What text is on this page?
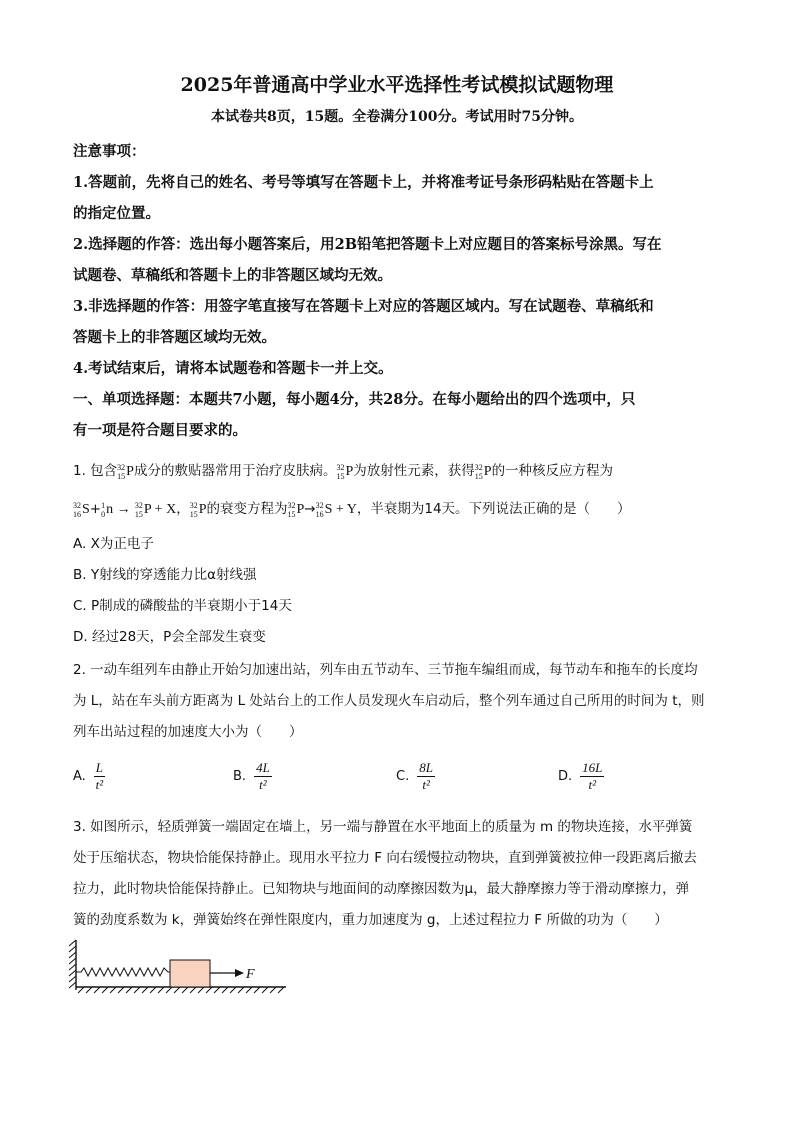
2025年普通高中学业水平选择性考试模拟试题物理
本试卷共8页，15题。全卷满分100分。考试用时75分钟。
注意事项：
1.答题前，先将自己的姓名、考号等填写在答题卡上，并将准考证号条形码粘贴在答题卡上
的指定位置。
2.选择题的作答：选出每小题答案后，用2B铅笔把答题卡上对应题目的答案标号涂黑。写在
试题卷、草稿纸和答题卡上的非答题区域均无效。
3.非选择题的作答：用签字笔直接写在答题卡上对应的答题区域内。写在试题卷、草稿纸和
答题卡上的非答题区域均无效。
4.考试结束后，请将本试题卷和答题卡一并上交。
一、单项选择题：本题共7小题，每小题4分，共28分。在每小题给出的四个选项中，只
有一项是符合题目要求的。
1. 包含32
15P成分的敷贴器常用于治疗皮肤病。32
15P为放射性元素，获得32
15P的一种核反应方程为
32
16S+1
0n → 32
15P + X，32
15P的衰变方程为32
15P→32
16S + Y，半衰期为14天。下列说法正确的是（　　）
A. X为正电子
B. Y射线的穿透能力比α射线强
C. P制成的磷酸盐的半衰期小于14天
D. 经过28天，P会全部发生衰变
2. 一动车组列车由静止开始匀加速出站，列车由五节动车、三节拖车编组而成，每节动车和拖车的长度均
为 L，站在车头前方距离为 L 处站台上的工作人员发现火车启动后，整个列车通过自己所用的时间为 t，则
列车出站过程的加速度大小为（　　）
A. $\frac{L}{\text{t²}}$	B. $\frac{4L}{\text{t²}}$	C. $\frac{8L}{\text{t²}}$	D. $\frac{16L}{\text{t²}}$
3. 如图所示，轻质弹簧一端固定在墙上，另一端与静置在水平地面上的质量为 m 的物块连接，水平弹簧
处于压缩状态，物块恰能保持静止。现用水平拉力 F 向右缓慢拉动物块，直到弹簧被拉伸一段距离后撤去
拉力，此时物块恰能保持静止。已知物块与地面间的动摩擦因数为μ，最大静摩擦力等于滑动摩擦力，弹
簧的劲度系数为 k，弹簧始终在弹性限度内，重力加速度为 g，上述过程拉力 F 所做的功为（　　）
F
